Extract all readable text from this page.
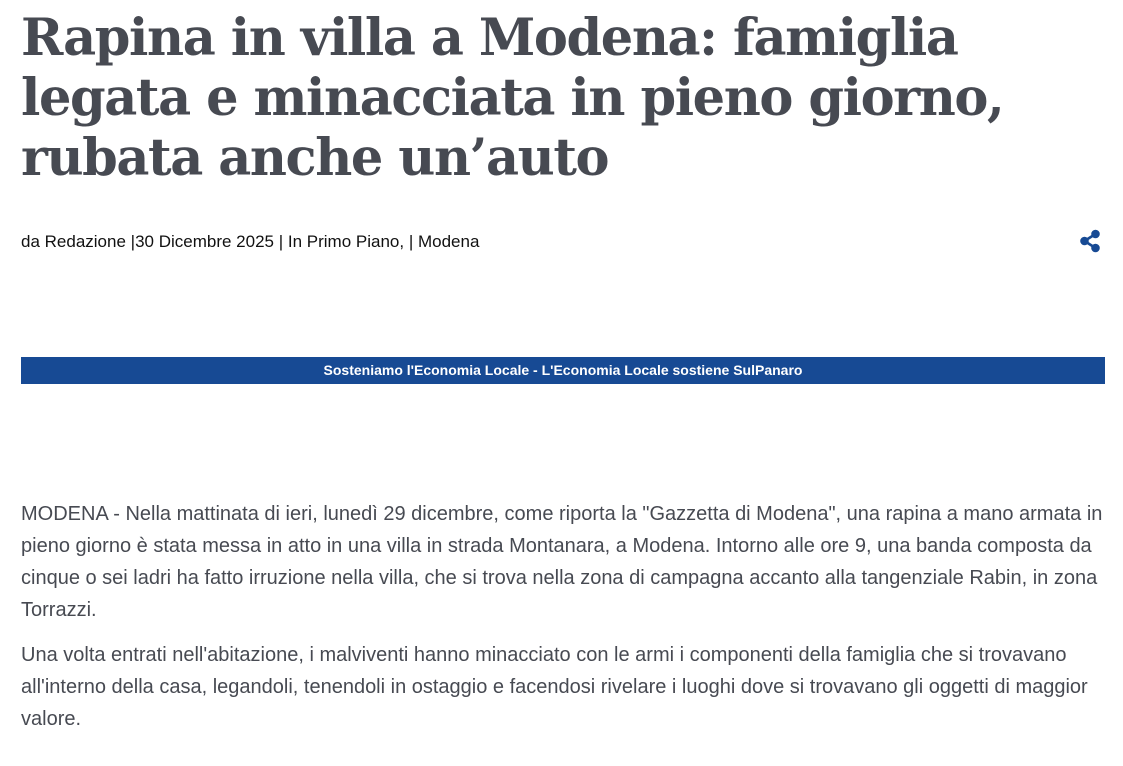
Rapina in villa a Modena: famiglia legata e minacciata in pieno giorno, rubata anche un’auto
da Redazione |30 Dicembre 2025 | In Primo Piano, | Modena
Sosteniamo l'Economia Locale - L'Economia Locale sostiene SulPanaro

MODENA - Nella mattinata di ieri, lunedì 29 dicembre, come riporta la "Gazzetta di Modena", una rapina a mano armata in pieno giorno è stata messa in atto in una villa in strada Montanara, a Modena. Intorno alle ore 9, una banda composta da cinque o sei ladri ha fatto irruzione nella villa, che si trova nella zona di campagna accanto alla tangenziale Rabin, in zona Torrazzi.

Una volta entrati nell'abitazione, i malviventi hanno minacciato con le armi i componenti della famiglia che si trovavano all'interno della casa, legandoli, tenendoli in ostaggio e facendosi rivelare i luoghi dove si trovavano gli oggetti di maggior valore.
